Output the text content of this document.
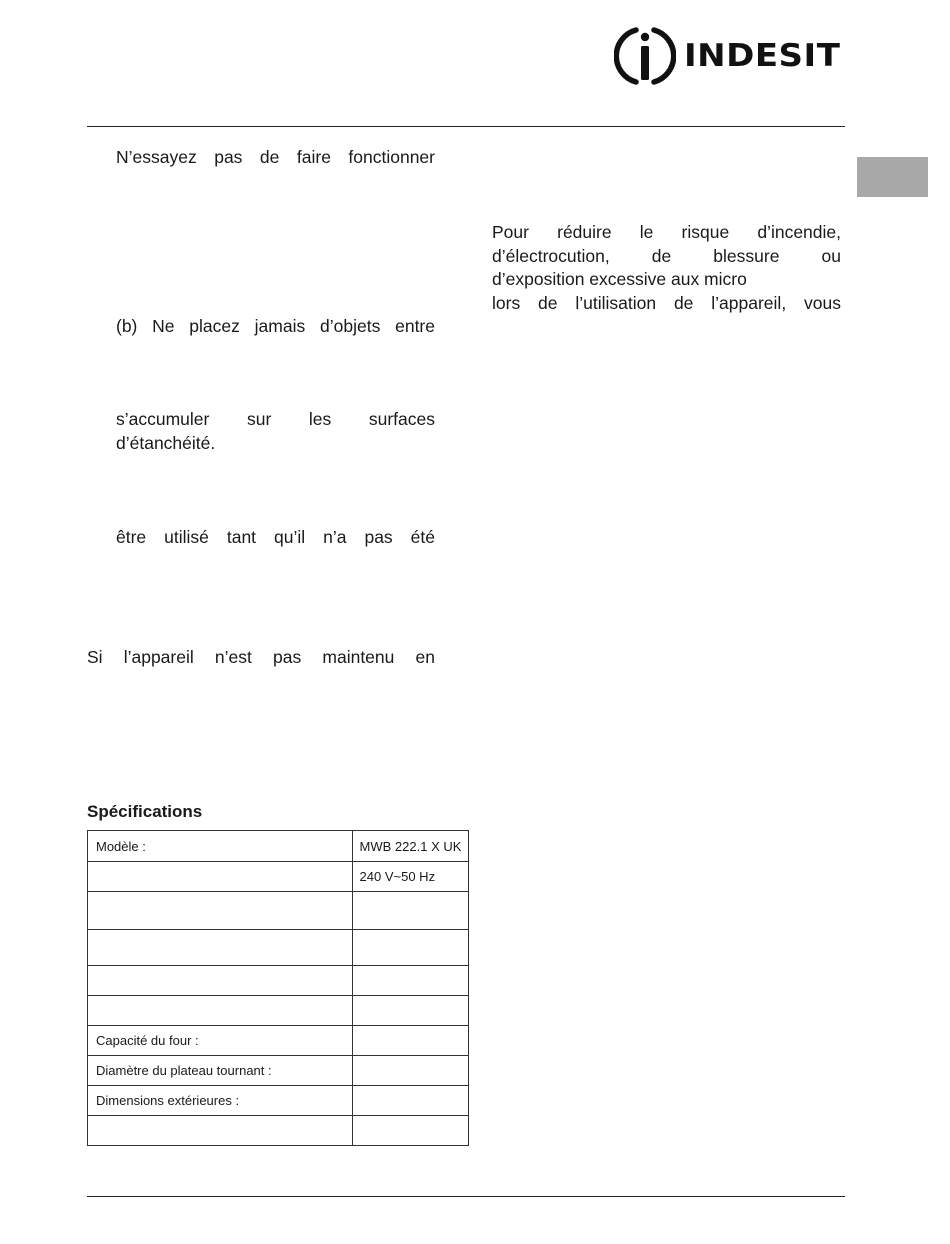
INDESIT

N’essayez pas de faire fonctionner

(b) Ne placez jamais d’objets entre

s’accumuler sur les surfaces
d’étanchéité.

être utilisé tant qu’il n’a pas été

Si l’appareil n’est pas maintenu en

Pour réduire le risque d’incendie,
d’électrocution, de blessure ou
d’exposition excessive aux micro
lors de l’utilisation de l’appareil, vous

Spécifications

Modèle :	MWB 222.1 X UK
	240 V~50 Hz

Capacité du four :	
Diamètre du plateau tournant :	
Dimensions extérieures :	
